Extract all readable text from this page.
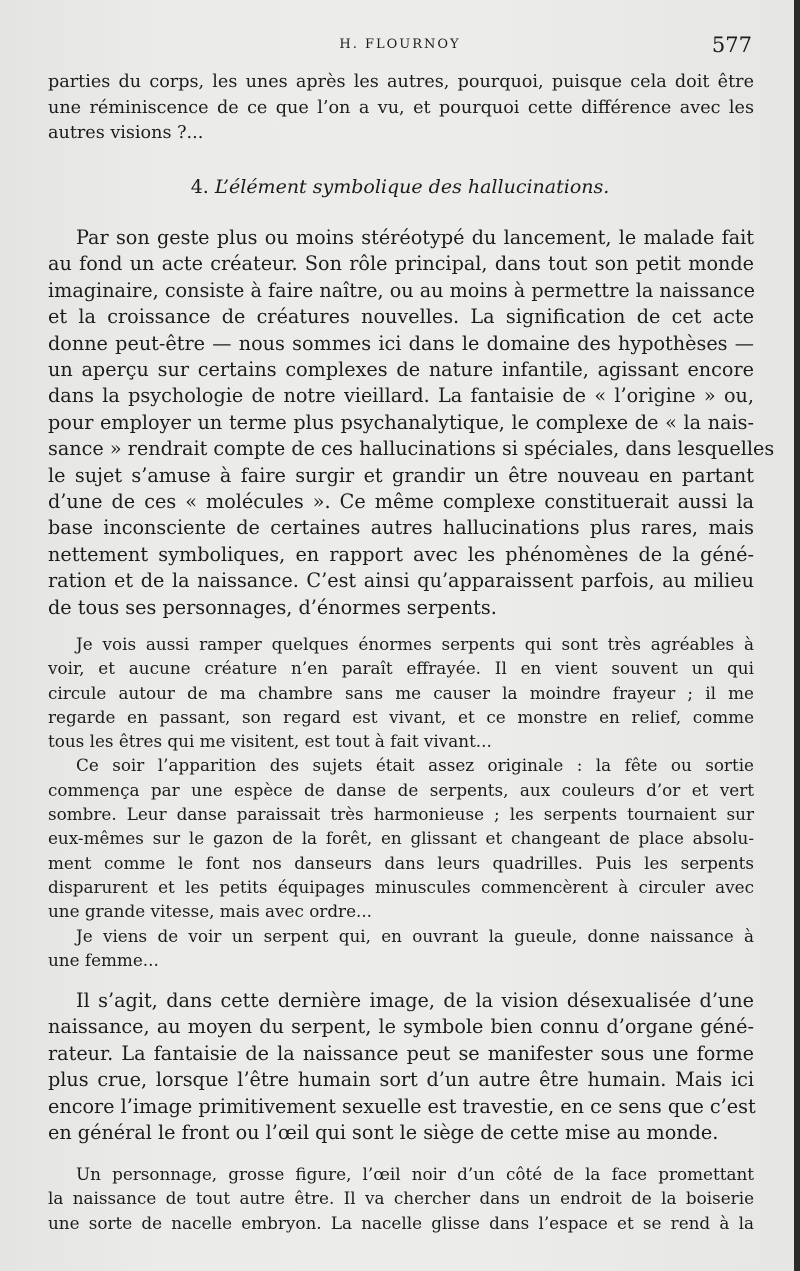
H. FLOURNOY	577
parties du corps, les unes après les autres, pourquoi, puisque cela doit être
une réminiscence de ce que l’on a vu, et pourquoi cette différence avec les
autres visions ?...
4. L’élément symbolique des hallucinations.
Par son geste plus ou moins stéréotypé du lancement, le malade fait
au fond un acte créateur. Son rôle principal, dans tout son petit monde
imaginaire, consiste à faire naître, ou au moins à permettre la naissance
et la croissance de créatures nouvelles. La signification de cet acte
donne peut-être — nous sommes ici dans le domaine des hypothèses —
un aperçu sur certains complexes de nature infantile, agissant encore
dans la psychologie de notre vieillard. La fantaisie de « l’origine » ou,
pour employer un terme plus psychanalytique, le complexe de « la nais-
sance » rendrait compte de ces hallucinations si spéciales, dans lesquelles
le sujet s’amuse à faire surgir et grandir un être nouveau en partant
d’une de ces « molécules ». Ce même complexe constituerait aussi la
base inconsciente de certaines autres hallucinations plus rares, mais
nettement symboliques, en rapport avec les phénomènes de la géné-
ration et de la naissance. C’est ainsi qu’apparaissent parfois, au milieu
de tous ses personnages, d’énormes serpents.
Je vois aussi ramper quelques énormes serpents qui sont très agréables à
voir, et aucune créature n’en paraît effrayée. Il en vient souvent un qui
circule autour de ma chambre sans me causer la moindre frayeur ; il me
regarde en passant, son regard est vivant, et ce monstre en relief, comme
tous les êtres qui me visitent, est tout à fait vivant...
Ce soir l’apparition des sujets était assez originale : la fête ou sortie
commença par une espèce de danse de serpents, aux couleurs d’or et vert
sombre. Leur danse paraissait très harmonieuse ; les serpents tournaient sur
eux-mêmes sur le gazon de la forêt, en glissant et changeant de place absolu-
ment comme le font nos danseurs dans leurs quadrilles. Puis les serpents
disparurent et les petits équipages minuscules commencèrent à circuler avec
une grande vitesse, mais avec ordre...
Je viens de voir un serpent qui, en ouvrant la gueule, donne naissance à
une femme...
Il s’agit, dans cette dernière image, de la vision désexualisée d’une
naissance, au moyen du serpent, le symbole bien connu d’organe géné-
rateur. La fantaisie de la naissance peut se manifester sous une forme
plus crue, lorsque l’être humain sort d’un autre être humain. Mais ici
encore l’image primitivement sexuelle est travestie, en ce sens que c’est
en général le front ou l’œil qui sont le siège de cette mise au monde.
Un personnage, grosse figure, l’œil noir d’un côté de la face promettant
la naissance de tout autre être. Il va chercher dans un endroit de la boiserie
une sorte de nacelle embryon. La nacelle glisse dans l’espace et se rend à la
